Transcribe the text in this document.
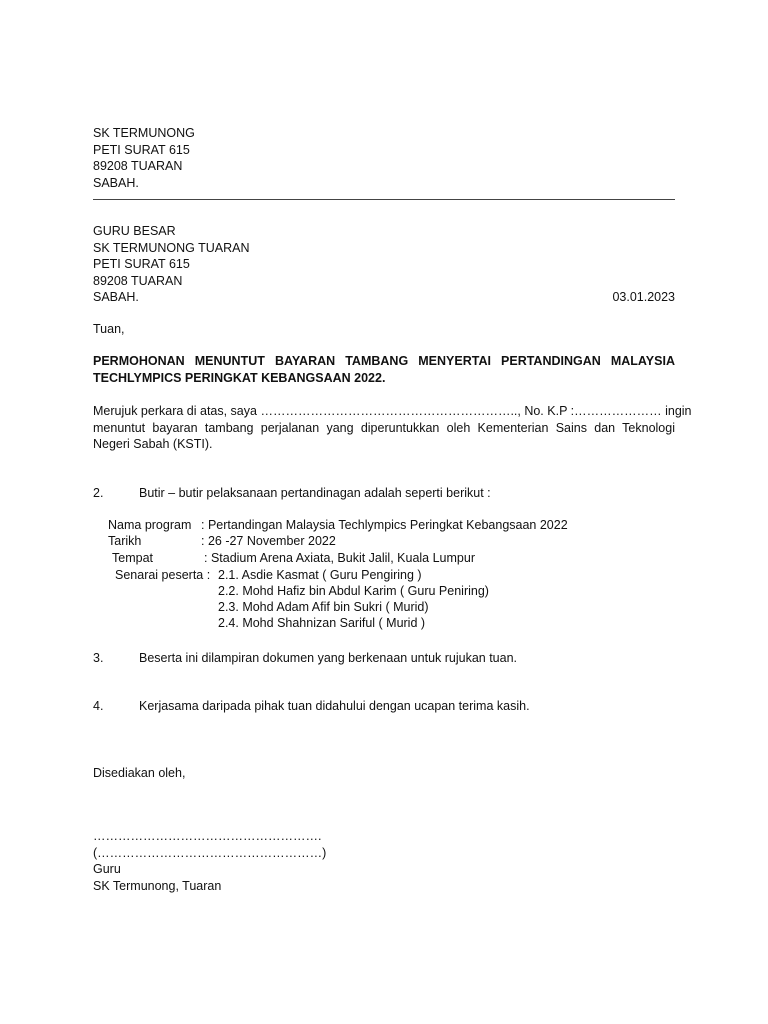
SK TERMUNONG
PETI SURAT 615
89208 TUARAN
SABAH.
GURU BESAR
SK TERMUNONG TUARAN
PETI SURAT 615
89208 TUARAN
SABAH.	03.01.2023
Tuan,
PERMOHONAN MENUNTUT BAYARAN TAMBANG MENYERTAI PERTANDINGAN MALAYSIA
TECHLYMPICS PERINGKAT KEBANGSAAN 2022.
Merujuk perkara di atas, saya …………………………………………………….., No. K.P :………………… ingin
menuntut bayaran tambang perjalanan yang diperuntukkan oleh Kementerian Sains dan Teknologi
Negeri Sabah (KSTI).
2.	Butir – butir pelaksanaan pertandinagan adalah seperti berikut :
Nama program : Pertandingan Malaysia Techlympics Peringkat Kebangsaan 2022
Tarikh	: 26 -27 November 2022
Tempat	: Stadium Arena Axiata, Bukit Jalil, Kuala Lumpur
Senarai peserta : 2.1. Asdie Kasmat ( Guru Pengiring )
2.2. Mohd Hafiz bin Abdul Karim ( Guru Peniring)
2.3. Mohd Adam Afif bin Sukri ( Murid)
2.4. Mohd Shahnizan Sariful ( Murid )
3.	Beserta ini dilampiran dokumen yang berkenaan untuk rujukan tuan.
4.	Kerjasama daripada pihak tuan didahului dengan ucapan terima kasih.
Disediakan oleh,
……………………………………………….
(………………………………………………)
Guru
SK Termunong, Tuaran
